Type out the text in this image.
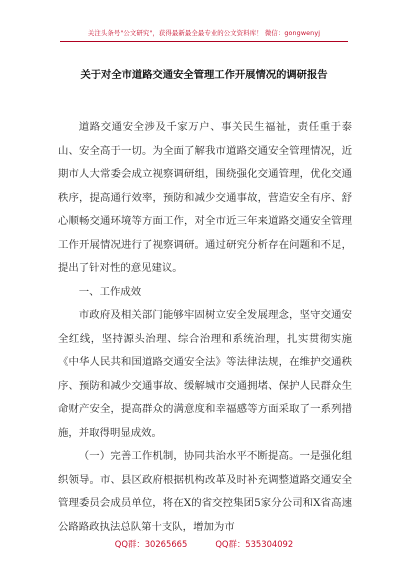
关注头条号"公文研究"，获得最新最全最专业的公文资料库！ 微信：gongwenyj
关于对全市道路交通安全管理工作开展情况的调研报告

道路交通安全涉及千家万户、事关民生福祉，责任重于泰山、安全高于一切。为全面了解我市道路交通安全管理情况，近期市人大常委会成立视察调研组，围绕强化交通管理，优化交通秩序，提高通行效率，预防和减少交通事故，营造安全有序、舒心顺畅交通环境等方面工作，对全市近三年来道路交通安全管理工作开展情况进行了视察调研。通过研究分析存在问题和不足，提出了针对性的意见建议。

一、工作成效

市政府及相关部门能够牢固树立安全发展理念，坚守交通安全红线，坚持源头治理、综合治理和系统治理，扎实贯彻实施《中华人民共和国道路交通安全法》等法律法规，在维护交通秩序、预防和减少交通事故、缓解城市交通拥堵、保护人民群众生命财产安全，提高群众的满意度和幸福感等方面采取了一系列措施，并取得明显成效。

（一）完善工作机制，协同共治水平不断提高。一是强化组织领导。市、县区政府根据机构改革及时补充调整道路交通安全管理委员会成员单位，将在X的省交控集团5家分公司和X省高速公路路政执法总队第十支队，增加为市

QQ群：30265665	QQ群：535304092
